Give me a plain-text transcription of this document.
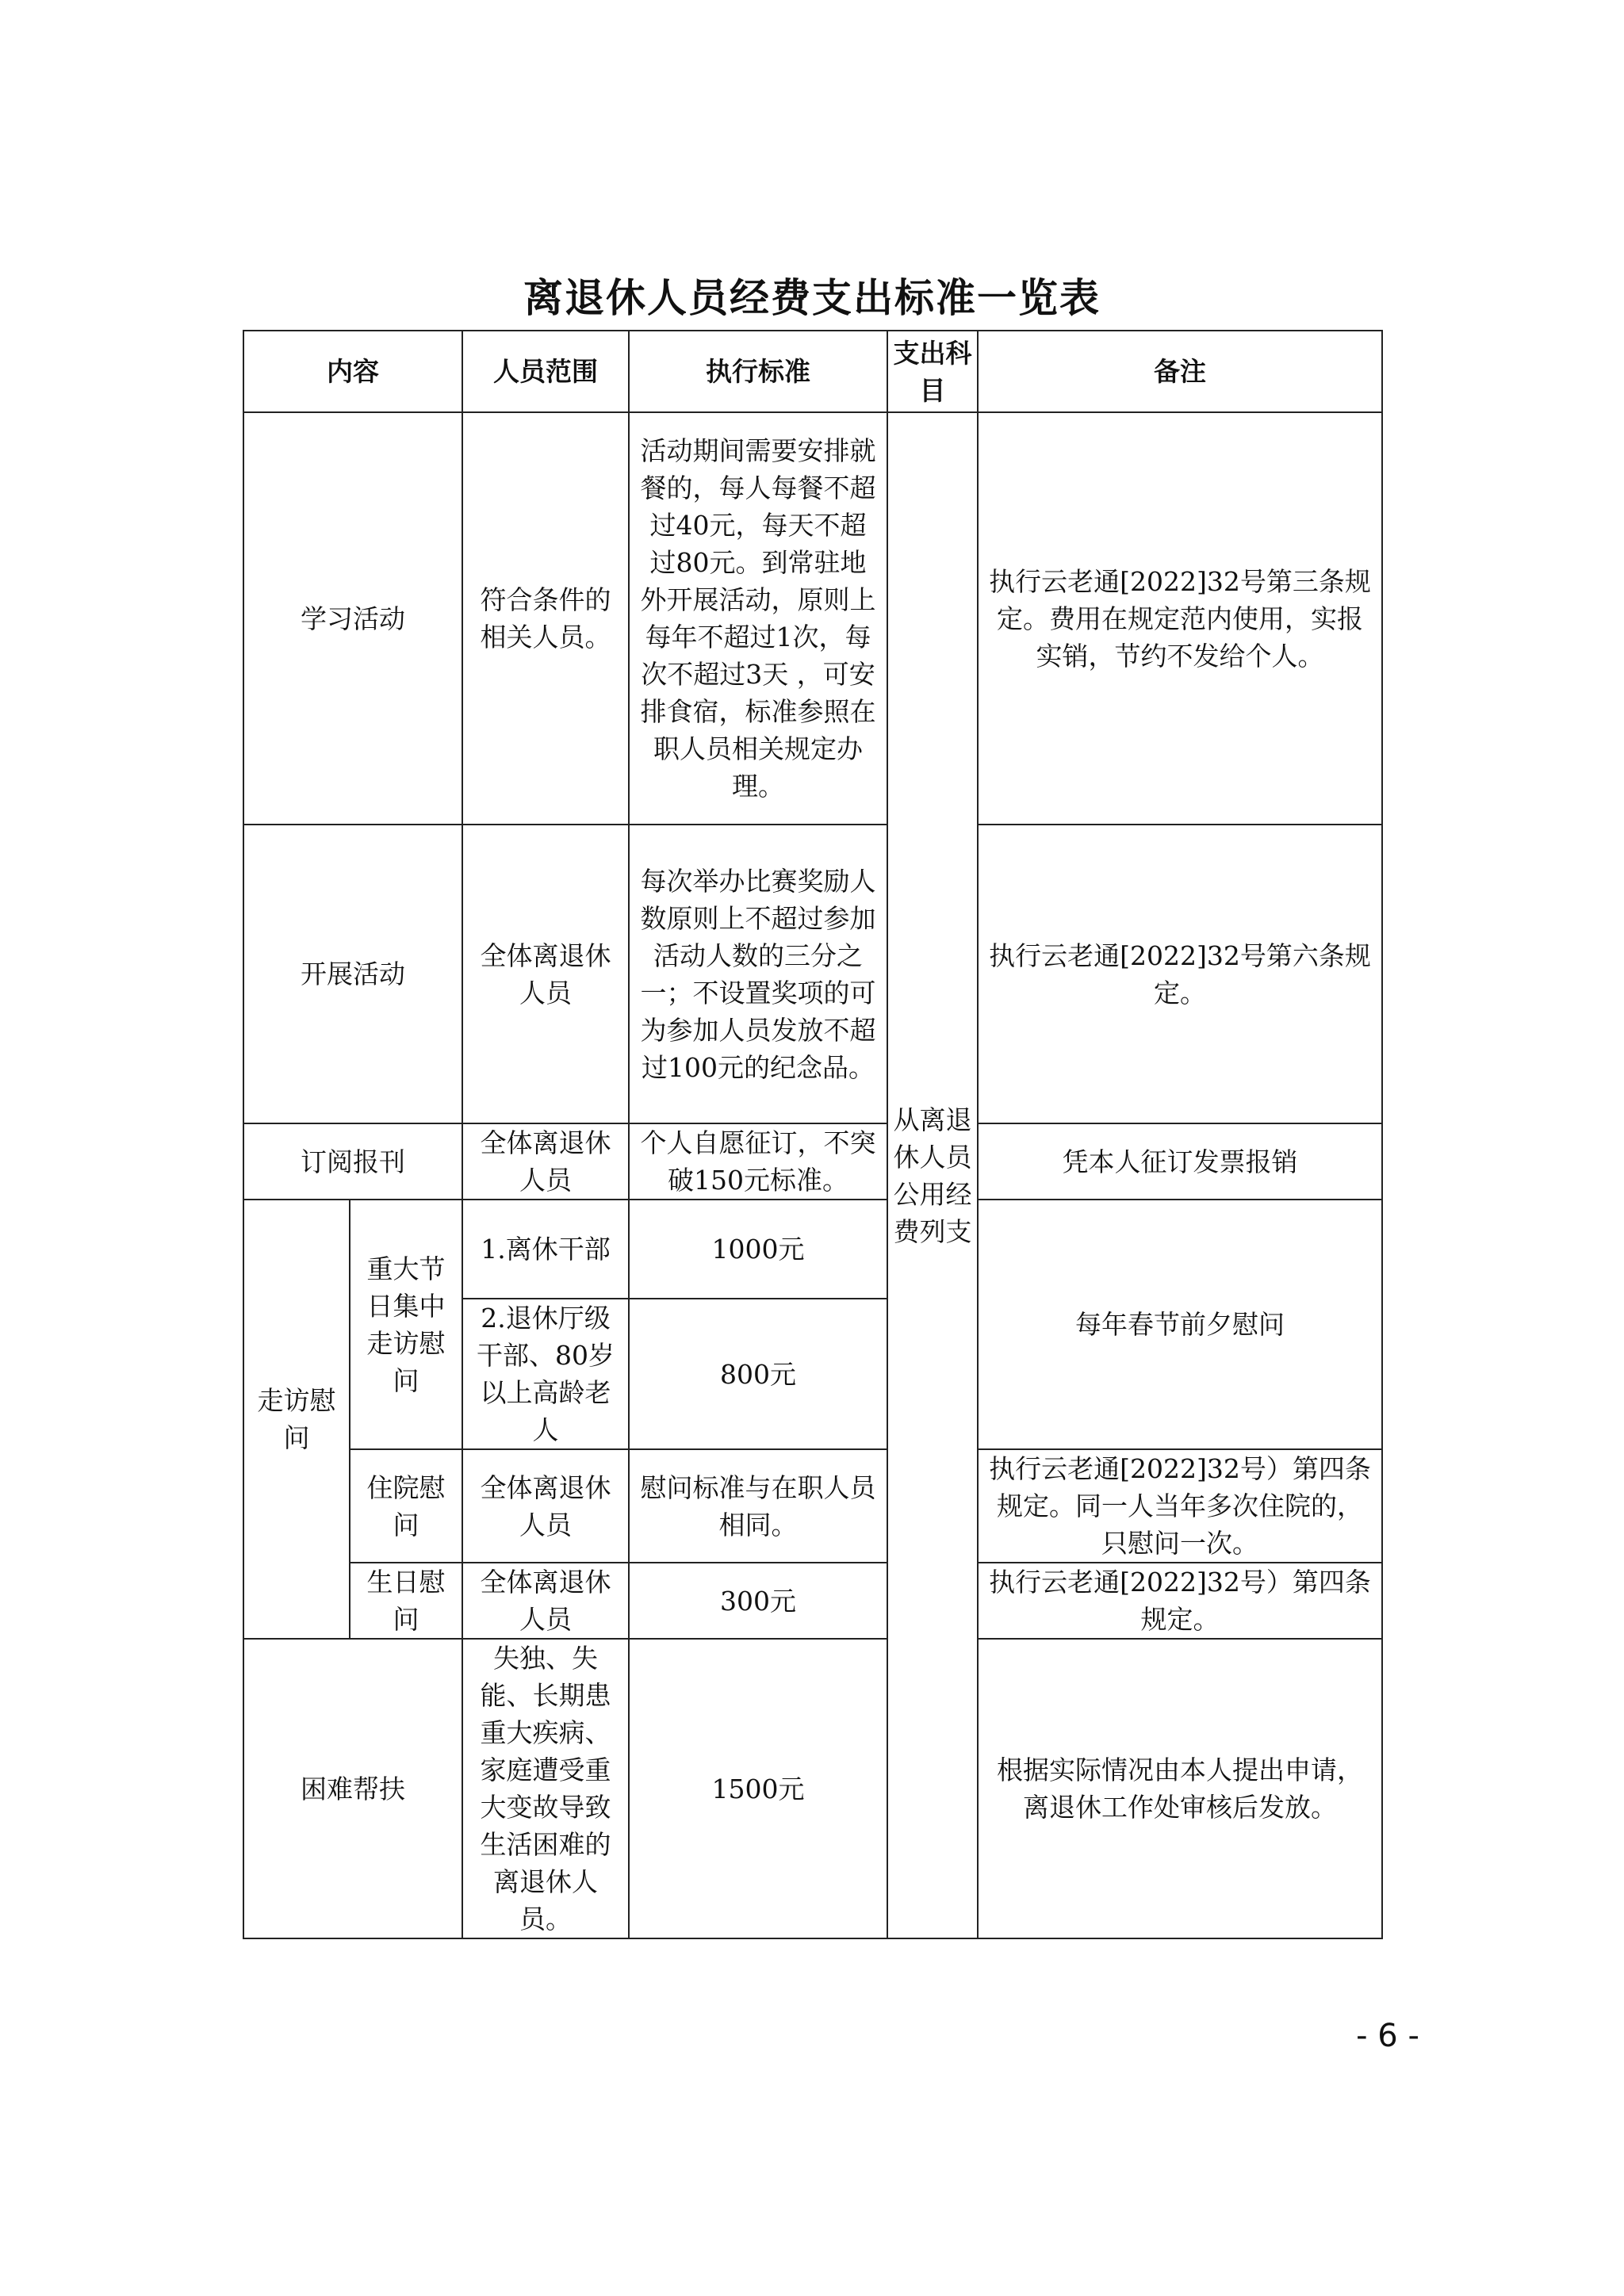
离退休人员经费支出标准一览表
内容		人员范围	执行标准	支出科目	备注
学习活动		符合条件的相关人员。	活动期间需要安排就餐的，每人每餐不超过40元，每天不超过80元。到常驻地外开展活动，原则上每年不超过1次，每次不超过3天 ，可安排食宿，标准参照在职人员相关规定办理。	从离退休人员公用经费列支	执行云老通[2022]32号第三条规定。费用在规定范内使用，实报实销，节约不发给个人。
开展活动		全体离退休人员	每次举办比赛奖励人数原则上不超过参加活动人数的三分之一；不设置奖项的可为参加人员发放不超过100元的纪念品。		执行云老通[2022]32号第六条规定。
订阅报刊		全体离退休人员	个人自愿征订，不突破150元标准。		凭本人征订发票报销
走访慰问	重大节日集中走访慰问	1.离休干部	1000元		每年春节前夕慰问
		2.退休厅级干部、80岁以上高龄老人	800元		
	住院慰问	全体离退休人员	慰问标准与在职人员相同。		执行云老通[2022]32号）第四条规定。同一人当年多次住院的，只慰问一次。
	生日慰问	全体离退休人员	300元		执行云老通[2022]32号）第四条规定。
困难帮扶		失独、失能、长期患重大疾病、家庭遭受重大变故导致生活困难的离退休人员。	1500元		根据实际情况由本人提出申请，离退休工作处审核后发放。
- 6 -
